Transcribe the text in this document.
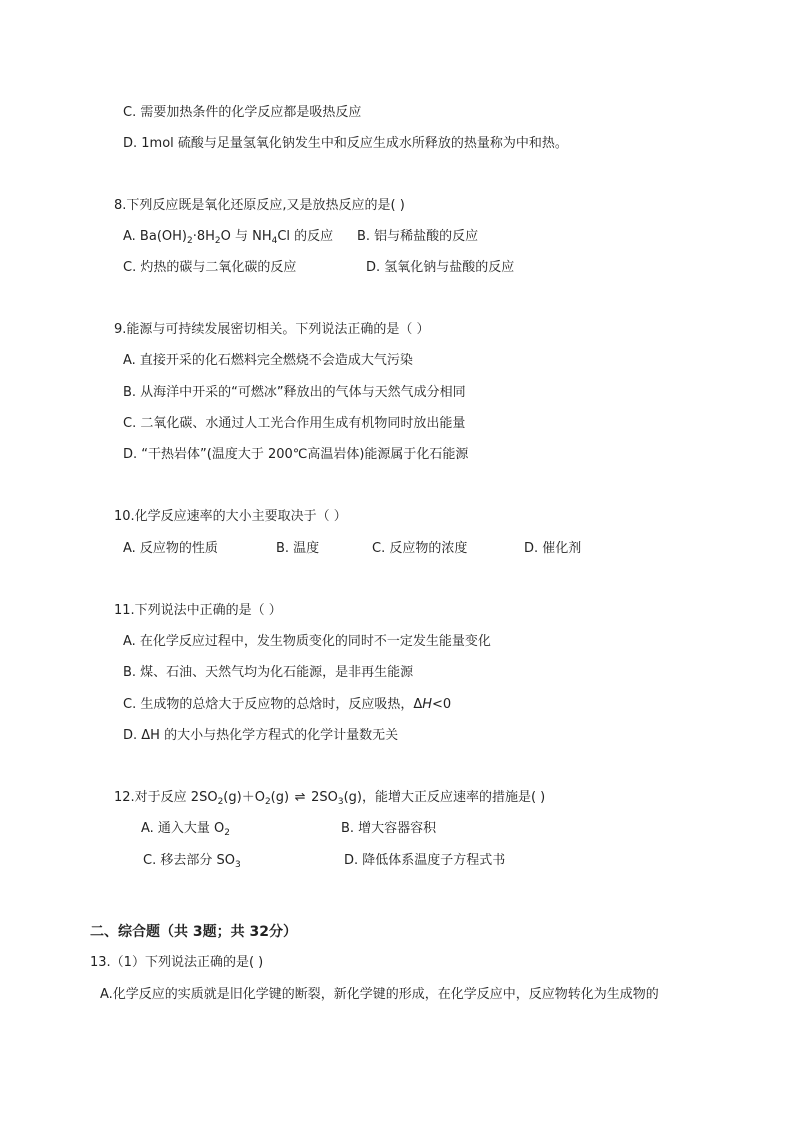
C. 需要加热条件的化学反应都是吸热反应
D. 1mol 硫酸与足量氢氧化钠发生中和反应生成水所释放的热量称为中和热。
8.下列反应既是氧化还原反应,又是放热反应的是( )
A. $Ba(OH)_2\cdot 8H_2O$ 与 $NH_4Cl$ 的反应 B. 铝与稀盐酸的反应
C. 灼热的碳与二氧化碳的反应	D. 氢氧化钠与盐酸的反应
9.能源与可持续发展密切相关。下列说法正确的是（ ）
A. 直接开采的化石燃料完全燃烧不会造成大气污染
B. 从海洋中开采的“可燃冰”释放出的气体与天然气成分相同
C. 二氧化碳、水通过人工光合作用生成有机物同时放出能量
D. “干热岩体”(温度大于 200℃高温岩体)能源属于化石能源
10.化学反应速率的大小主要取决于（ ）
A. 反应物的性质	B. 温度	C. 反应物的浓度	D. 催化剂
11.下列说法中正确的是（ ）
A. 在化学反应过程中，发生物质变化的同时不一定发生能量变化
B. 煤、石油、天然气均为化石能源，是非再生能源
C. 生成物的总焓大于反应物的总焓时，反应吸热，ΔH<0
D. ΔH 的大小与热化学方程式的化学计量数无关
12.对于反应 $2SO_2(g)+O_2(g)$ ⇌ $2SO_3(g)$，能增大正反应速率的措施是( )
A. 通入大量 $O_2$	B. 增大容器容积
C. 移去部分 $SO_3$	D. 降低体系温度子方程式书
二、综合题（共 3题；共 32分）
13.（1）下列说法正确的是( )
A.化学反应的实质就是旧化学键的断裂，新化学键的形成，在化学反应中，反应物转化为生成物的
